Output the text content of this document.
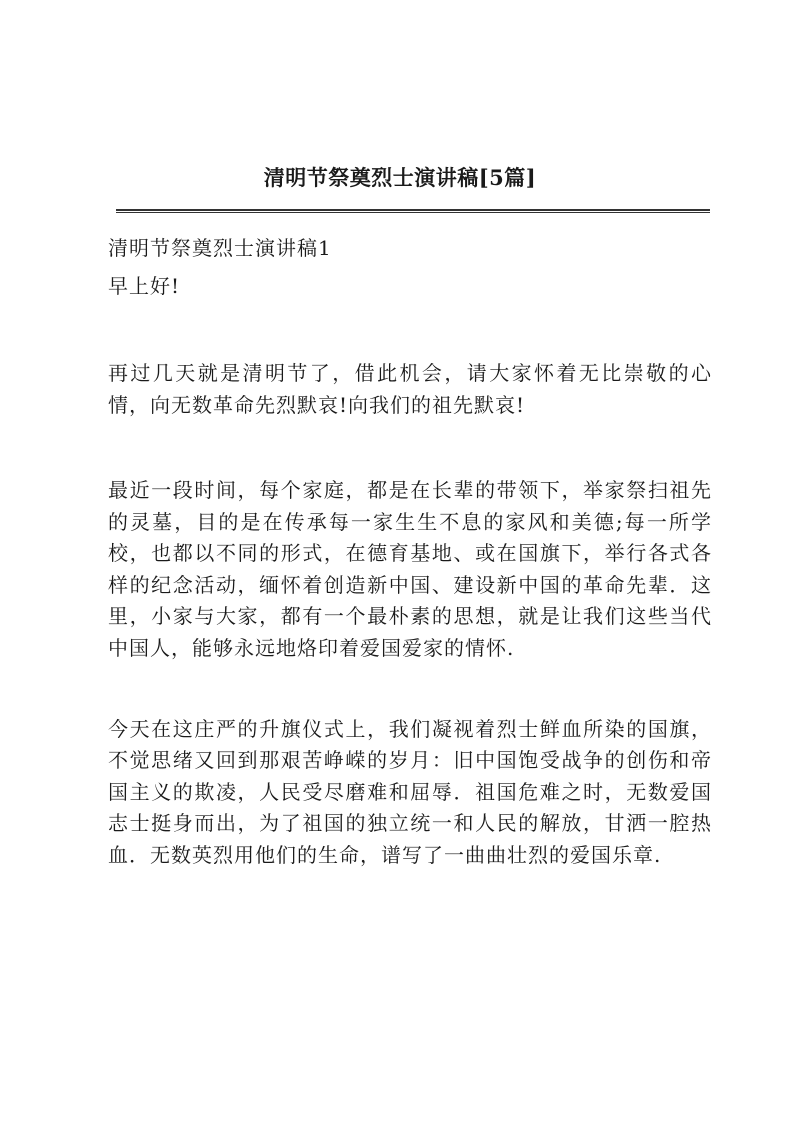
清明节祭奠烈士演讲稿[5篇]

清明节祭奠烈士演讲稿1

早上好!

再过几天就是清明节了，借此机会，请大家怀着无比崇敬的心情，向无数革命先烈默哀!向我们的祖先默哀!

最近一段时间，每个家庭，都是在长辈的带领下，举家祭扫祖先的灵墓，目的是在传承每一家生生不息的家风和美德;每一所学校，也都以不同的形式，在德育基地、或在国旗下，举行各式各样的纪念活动，缅怀着创造新中国、建设新中国的革命先辈．这里，小家与大家，都有一个最朴素的思想，就是让我们这些当代中国人，能够永远地烙印着爱国爱家的情怀.

今天在这庄严的升旗仪式上，我们凝视着烈士鲜血所染的国旗，不觉思绪又回到那艰苦峥嵘的岁月：旧中国饱受战争的创伤和帝国主义的欺凌，人民受尽磨难和屈辱．祖国危难之时，无数爱国志士挺身而出，为了祖国的独立统一和人民的解放，甘洒一腔热血．无数英烈用他们的生命，谱写了一曲曲壮烈的爱国乐章.
